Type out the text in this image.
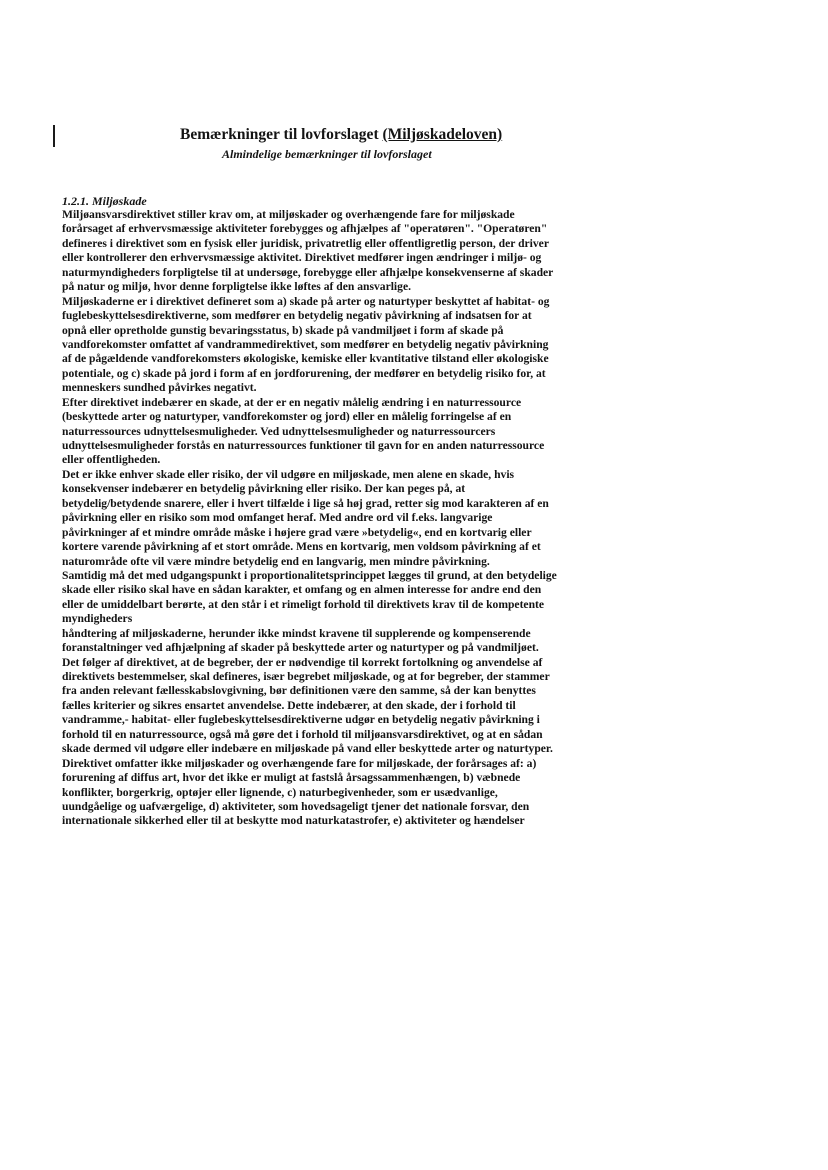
Bemærkninger til lovforslaget (Miljøskadeloven)
Almindelige bemærkninger til lovforslaget
1.2.1. Miljøskade
Miljøansvarsdirektivet stiller krav om, at miljøskader og overhængende fare for miljøskade
forårsaget af erhvervsmæssige aktiviteter forebygges og afhjælpes af "operatøren". "Operatøren"
defineres i direktivet som en fysisk eller juridisk, privatretlig eller offentligretlig person, der driver
eller kontrollerer den erhvervsmæssige aktivitet. Direktivet medfører ingen ændringer i miljø- og
naturmyndigheders forpligtelse til at undersøge, forebygge eller afhjælpe konsekvenserne af skader
på natur og miljø, hvor denne forpligtelse ikke løftes af den ansvarlige.
Miljøskaderne er i direktivet defineret som a) skade på arter og naturtyper beskyttet af habitat- og
fuglebeskyttelsesdirektiverne, som medfører en betydelig negativ påvirkning af indsatsen for at
opnå eller opretholde gunstig bevaringsstatus, b) skade på vandmiljøet i form af skade på
vandforekomster omfattet af vandrammedirektivet, som medfører en betydelig negativ påvirkning
af de pågældende vandforekomsters økologiske, kemiske eller kvantitative tilstand eller økologiske
potentiale, og c) skade på jord i form af en jordforurening, der medfører en betydelig risiko for, at
menneskers sundhed påvirkes negativt.
Efter direktivet indebærer en skade, at der er en negativ målelig ændring i en naturressource
(beskyttede arter og naturtyper, vandforekomster og jord) eller en målelig forringelse af en
naturressources udnyttelsesmuligheder. Ved udnyttelsesmuligheder og naturressourcers
udnyttelsesmuligheder forstås en naturressources funktioner til gavn for en anden naturressource
eller offentligheden.
Det er ikke enhver skade eller risiko, der vil udgøre en miljøskade, men alene en skade, hvis
konsekvenser indebærer en betydelig påvirkning eller risiko. Der kan peges på, at
betydelig/betydende snarere, eller i hvert tilfælde i lige så høj grad, retter sig mod karakteren af en
påvirkning eller en risiko som mod omfanget heraf. Med andre ord vil f.eks. langvarige
påvirkninger af et mindre område måske i højere grad være »betydelig«, end en kortvarig eller
kortere varende påvirkning af et stort område. Mens en kortvarig, men voldsom påvirkning af et
naturområde ofte vil være mindre betydelig end en langvarig, men mindre påvirkning.
Samtidig må det med udgangspunkt i proportionalitetsprincippet lægges til grund, at den betydelige
skade eller risiko skal have en sådan karakter, et omfang og en almen interesse for andre end den
eller de umiddelbart berørte, at den står i et rimeligt forhold til direktivets krav til de kompetente
myndigheders
håndtering af miljøskaderne, herunder ikke mindst kravene til supplerende og kompenserende
foranstaltninger ved afhjælpning af skader på beskyttede arter og naturtyper og på vandmiljøet.
Det følger af direktivet, at de begreber, der er nødvendige til korrekt fortolkning og anvendelse af
direktivets bestemmelser, skal defineres, især begrebet miljøskade, og at for begreber, der stammer
fra anden relevant fællesskabslovgivning, bør definitionen være den samme, så der kan benyttes
fælles kriterier og sikres ensartet anvendelse. Dette indebærer, at den skade, der i forhold til
vandramme,- habitat- eller fuglebeskyttelsesdirektiverne udgør en betydelig negativ påvirkning i
forhold til en naturressource, også må gøre det i forhold til miljøansvarsdirektivet, og at en sådan
skade dermed vil udgøre eller indebære en miljøskade på vand eller beskyttede arter og naturtyper.
Direktivet omfatter ikke miljøskader og overhængende fare for miljøskade, der forårsages af: a)
forurening af diffus art, hvor det ikke er muligt at fastslå årsagssammenhængen, b) væbnede
konflikter, borgerkrig, optøjer eller lignende, c) naturbegivenheder, som er usædvanlige,
uundgåelige og uafværgelige, d) aktiviteter, som hovedsageligt tjener det nationale forsvar, den
internationale sikkerhed eller til at beskytte mod naturkatastrofer, e) aktiviteter og hændelser
